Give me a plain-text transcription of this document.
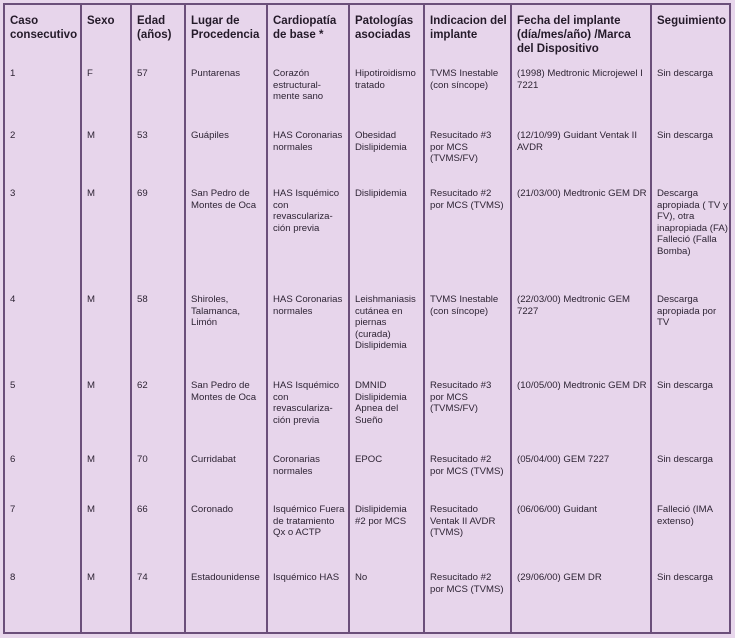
Caso consecutivo	Sexo	Edad (años)	Lugar de Procedencia	Cardiopatía de base *	Patologías asociadas	Indicacion del implante	Fecha del implante (día/mes/año) /Marca del Dispositivo	Seguimiento
1	F	57	Puntarenas	Corazón estructural-mente sano	Hipotiroidismo tratado	TVMS Inestable (con síncope)	(1998) Medtronic Microjewel I 7221	Sin descarga
2	M	53	Guápiles	HAS Coronarias normales	Obesidad Dislipidemia	Resucitado #3 por MCS (TVMS/FV)	(12/10/99) Guidant Ventak II AVDR	Sin descarga
3	M	69	San Pedro de Montes de Oca	HAS Isquémico con revasculariza-ción previa	Dislipidemia	Resucitado #2 por MCS (TVMS)	(21/03/00) Medtronic GEM DR	Descarga apropiada ( TV y FV), otra inapropiada (FA) Falleció (Falla Bomba)
4	M	58	Shiroles, Talamanca, Limón	HAS Coronarias normales	Leishmaniasis cutánea en piernas (curada) Dislipidemia	TVMS Inestable (con síncope)	(22/03/00) Medtronic GEM 7227	Descarga apropiada por TV
5	M	62	San Pedro de Montes de Oca	HAS Isquémico con revasculariza-ción previa	DMNID Dislipidemia Apnea del Sueño	Resucitado #3 por MCS (TVMS/FV)	(10/05/00) Medtronic GEM DR	Sin descarga
6	M	70	Curridabat	Coronarias normales	EPOC	Resucitado #2 por MCS (TVMS)	(05/04/00) GEM 7227	Sin descarga
7	M	66	Coronado	Isquémico Fuera de tratamiento Qx o ACTP	Dislipidemia #2 por MCS	Resucitado Ventak II AVDR (TVMS)	(06/06/00) Guidant	Falleció (IMA extenso)
8	M	74	Estadounidense	Isquémico HAS	No	Resucitado #2 por MCS (TVMS)	(29/06/00) GEM DR	Sin descarga
